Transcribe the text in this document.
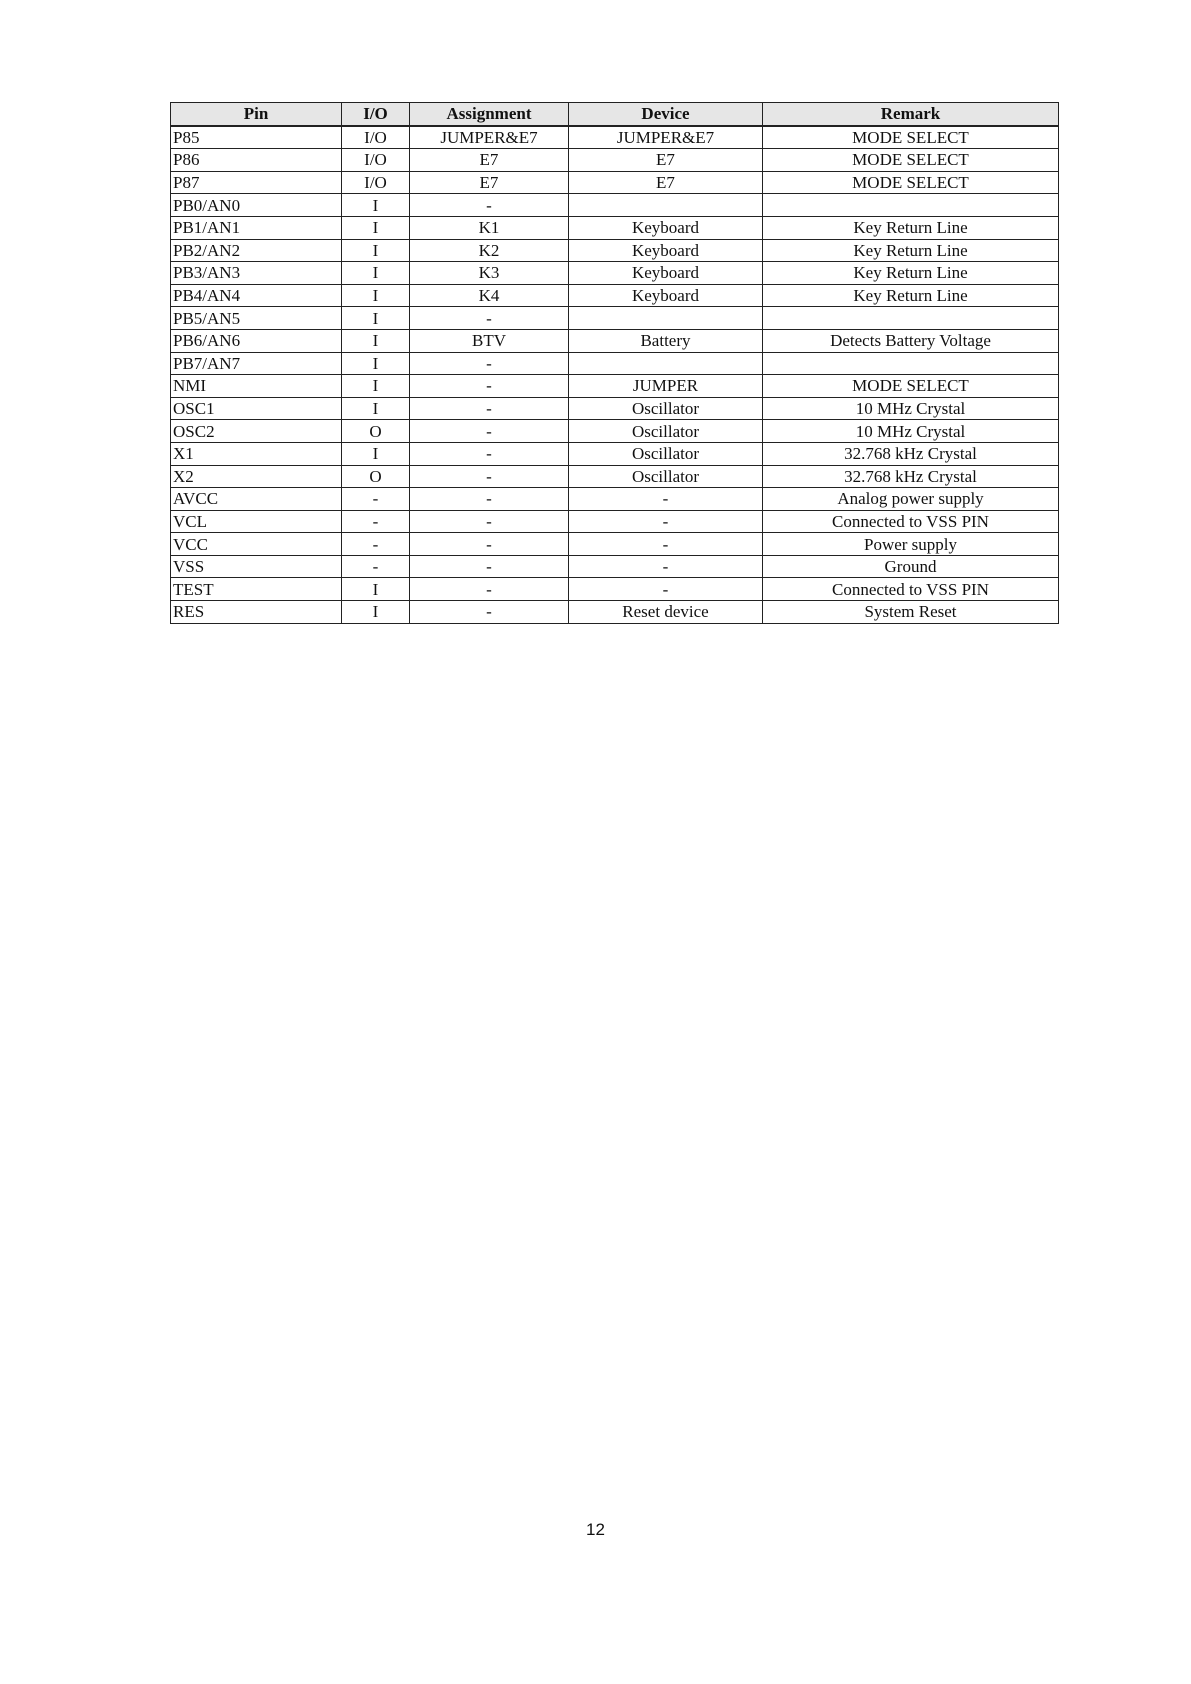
Pin	I/O	Assignment	Device	Remark
P85	I/O	JUMPER&E7	JUMPER&E7	MODE SELECT
P86	I/O	E7	E7	MODE SELECT
P87	I/O	E7	E7	MODE SELECT
PB0/AN0	I	-		
PB1/AN1	I	K1	Keyboard	Key Return Line
PB2/AN2	I	K2	Keyboard	Key Return Line
PB3/AN3	I	K3	Keyboard	Key Return Line
PB4/AN4	I	K4	Keyboard	Key Return Line
PB5/AN5	I	-		
PB6/AN6	I	BTV	Battery	Detects Battery Voltage
PB7/AN7	I	-		
NMI	I	-	JUMPER	MODE SELECT
OSC1	I	-	Oscillator	10 MHz Crystal
OSC2	O	-	Oscillator	10 MHz Crystal
X1	I	-	Oscillator	32.768 kHz Crystal
X2	O	-	Oscillator	32.768 kHz Crystal
AVCC	-	-	-	Analog power supply
VCL	-	-	-	Connected to VSS PIN
VCC	-	-	-	Power supply
VSS	-	-	-	Ground
TEST	I	-	-	Connected to VSS PIN
RES	I	-	Reset device	System Reset
12
